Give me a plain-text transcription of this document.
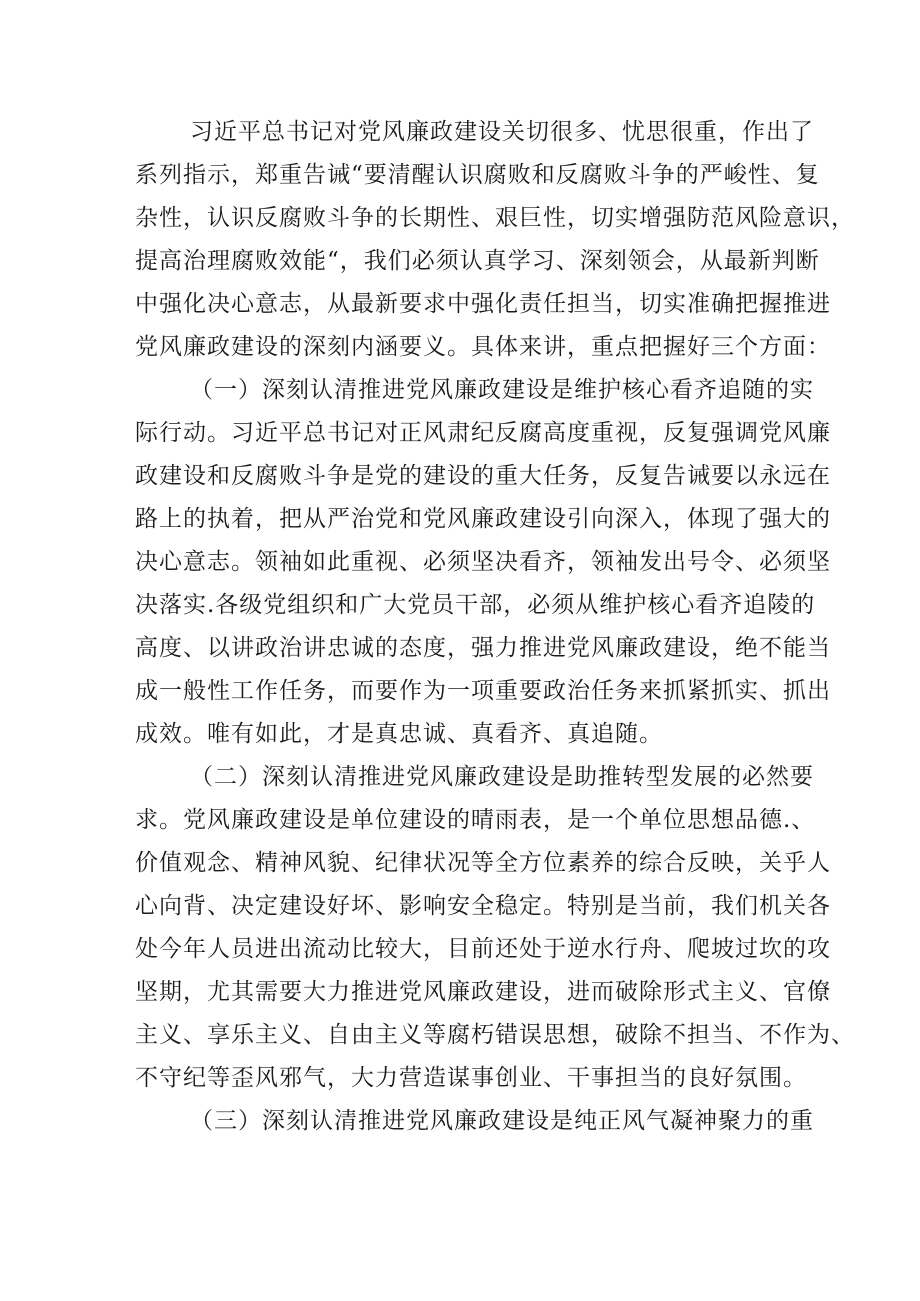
习近平总书记对党风廉政建设关切很多、忧思很重，作出了
系列指示，郑重告诫“要清醒认识腐败和反腐败斗争的严峻性、复
杂性，认识反腐败斗争的长期性、艰巨性，切实增强防范风险意识，
提高治理腐败效能“，我们必须认真学习、深刻领会，从最新判断
中强化决心意志，从最新要求中强化责任担当，切实准确把握推进
党风廉政建设的深刻内涵要义。具体来讲，重点把握好三个方面：
（一）深刻认清推进党风廉政建设是维护核心看齐追随的实
际行动。习近平总书记对正风肃纪反腐高度重视，反复强调党风廉
政建设和反腐败斗争是党的建设的重大任务，反复告诫要以永远在
路上的执着，把从严治党和党风廉政建设引向深入，体现了强大的
决心意志。领袖如此重视、必须坚决看齐，领袖发出号令、必须坚
决落实.各级党组织和广大党员干部，必须从维护核心看齐追陵的
高度、以讲政治讲忠诚的态度，强力推进党风廉政建设，绝不能当
成一般性工作任务，而要作为一项重要政治任务来抓紧抓实、抓出
成效。唯有如此，才是真忠诚、真看齐、真追随。
（二）深刻认清推进党风廉政建设是助推转型发展的必然要
求。党风廉政建设是单位建设的晴雨表，是一个单位思想品德.、
价值观念、精神风貌、纪律状况等全方位素养的综合反映，关乎人
心向背、决定建设好坏、影响安全稳定。特别是当前，我们机关各
处今年人员进出流动比较大，目前还处于逆水行舟、爬坡过坎的攻
坚期，尤其需要大力推进党风廉政建设，进而破除形式主义、官僚
主义、享乐主义、自由主义等腐朽错误思想，破除不担当、不作为、
不守纪等歪风邪气，大力营造谋事创业、干事担当的良好氛围。
（三）深刻认清推进党风廉政建设是纯正风气凝神聚力的重
